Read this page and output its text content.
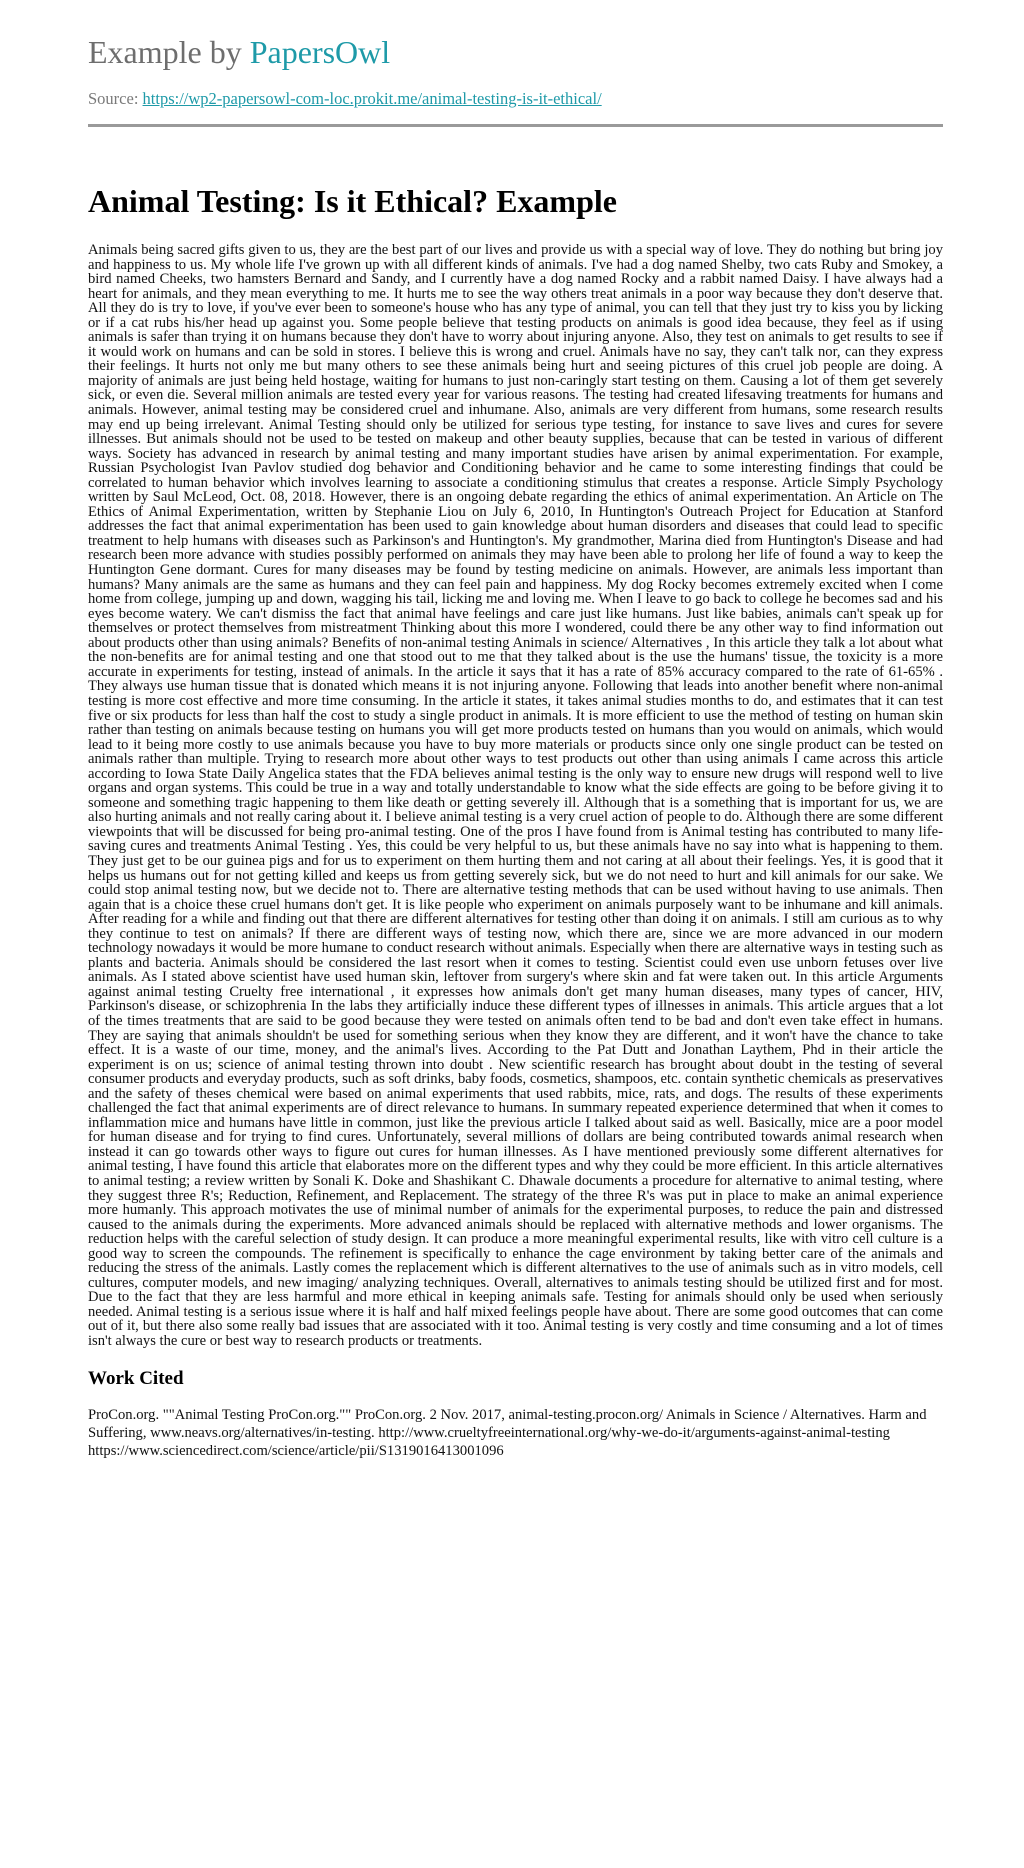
Example by PapersOwl
Source: https://wp2-papersowl-com-loc.prokit.me/animal-testing-is-it-ethical/
Animal Testing: Is it Ethical? Example
Animals being sacred gifts given to us, they are the best part of our lives and provide us with a special way of love. They do nothing but bring joy and happiness to us. My whole life I've grown up with all different kinds of animals. I've had a dog named Shelby, two cats Ruby and Smokey, a bird named Cheeks, two hamsters Bernard and Sandy, and I currently have a dog named Rocky and a rabbit named Daisy. I have always had a heart for animals, and they mean everything to me. It hurts me to see the way others treat animals in a poor way because they don't deserve that. All they do is try to love, if you've ever been to someone's house who has any type of animal, you can tell that they just try to kiss you by licking or if a cat rubs his/her head up against you. Some people believe that testing products on animals is good idea because, they feel as if using animals is safer than trying it on humans because they don't have to worry about injuring anyone. Also, they test on animals to get results to see if it would work on humans and can be sold in stores. I believe this is wrong and cruel. Animals have no say, they can't talk nor, can they express their feelings. It hurts not only me but many others to see these animals being hurt and seeing pictures of this cruel job people are doing. A majority of animals are just being held hostage, waiting for humans to just non-caringly start testing on them. Causing a lot of them get severely sick, or even die. Several million animals are tested every year for various reasons. The testing had created lifesaving treatments for humans and animals. However, animal testing may be considered cruel and inhumane. Also, animals are very different from humans, some research results may end up being irrelevant. Animal Testing should only be utilized for serious type testing, for instance to save lives and cures for severe illnesses. But animals should not be used to be tested on makeup and other beauty supplies, because that can be tested in various of different ways. Society has advanced in research by animal testing and many important studies have arisen by animal experimentation. For example, Russian Psychologist Ivan Pavlov studied dog behavior and Conditioning behavior and he came to some interesting findings that could be correlated to human behavior which involves learning to associate a conditioning stimulus that creates a response. Article Simply Psychology written by Saul McLeod, Oct. 08, 2018. However, there is an ongoing debate regarding the ethics of animal experimentation. An Article on The Ethics of Animal Experimentation, written by Stephanie Liou on July 6, 2010, In Huntington's Outreach Project for Education at Stanford addresses the fact that animal experimentation has been used to gain knowledge about human disorders and diseases that could lead to specific treatment to help humans with diseases such as Parkinson's and Huntington's. My grandmother, Marina died from Huntington's Disease and had research been more advance with studies possibly performed on animals they may have been able to prolong her life of found a way to keep the Huntington Gene dormant. Cures for many diseases may be found by testing medicine on animals. However, are animals less important than humans? Many animals are the same as humans and they can feel pain and happiness. My dog Rocky becomes extremely excited when I come home from college, jumping up and down, wagging his tail, licking me and loving me. When I leave to go back to college he becomes sad and his eyes become watery. We can't dismiss the fact that animal have feelings and care just like humans. Just like babies, animals can't speak up for themselves or protect themselves from mistreatment Thinking about this more I wondered, could there be any other way to find information out about products other than using animals? Benefits of non-animal testing Animals in science/ Alternatives , In this article they talk a lot about what the non-benefits are for animal testing and one that stood out to me that they talked about is the use the humans' tissue, the toxicity is a more accurate in experiments for testing, instead of animals. In the article it says that it has a rate of 85% accuracy compared to the rate of 61-65% . They always use human tissue that is donated which means it is not injuring anyone. Following that leads into another benefit where non-animal testing is more cost effective and more time consuming. In the article it states, it takes animal studies months to do, and estimates that it can test five or six products for less than half the cost to study a single product in animals. It is more efficient to use the method of testing on human skin rather than testing on animals because testing on humans you will get more products tested on humans than you would on animals, which would lead to it being more costly to use animals because you have to buy more materials or products since only one single product can be tested on animals rather than multiple. Trying to research more about other ways to test products out other than using animals I came across this article according to Iowa State Daily Angelica states that the FDA believes animal testing is the only way to ensure new drugs will respond well to live organs and organ systems. This could be true in a way and totally understandable to know what the side effects are going to be before giving it to someone and something tragic happening to them like death or getting severely ill. Although that is a something that is important for us, we are also hurting animals and not really caring about it. I believe animal testing is a very cruel action of people to do. Although there are some different viewpoints that will be discussed for being pro-animal testing. One of the pros I have found from is Animal testing has contributed to many life-saving cures and treatments Animal Testing . Yes, this could be very helpful to us, but these animals have no say into what is happening to them. They just get to be our guinea pigs and for us to experiment on them hurting them and not caring at all about their feelings. Yes, it is good that it helps us humans out for not getting killed and keeps us from getting severely sick, but we do not need to hurt and kill animals for our sake. We could stop animal testing now, but we decide not to. There are alternative testing methods that can be used without having to use animals. Then again that is a choice these cruel humans don't get. It is like people who experiment on animals purposely want to be inhumane and kill animals. After reading for a while and finding out that there are different alternatives for testing other than doing it on animals. I still am curious as to why they continue to test on animals? If there are different ways of testing now, which there are, since we are more advanced in our modern technology nowadays it would be more humane to conduct research without animals. Especially when there are alternative ways in testing such as plants and bacteria. Animals should be considered the last resort when it comes to testing. Scientist could even use unborn fetuses over live animals. As I stated above scientist have used human skin, leftover from surgery's where skin and fat were taken out. In this article Arguments against animal testing Cruelty free international , it expresses how animals don't get many human diseases, many types of cancer, HIV, Parkinson's disease, or schizophrenia In the labs they artificially induce these different types of illnesses in animals. This article argues that a lot of the times treatments that are said to be good because they were tested on animals often tend to be bad and don't even take effect in humans. They are saying that animals shouldn't be used for something serious when they know they are different, and it won't have the chance to take effect. It is a waste of our time, money, and the animal's lives. According to the Pat Dutt and Jonathan Laythem, Phd in their article the experiment is on us; science of animal testing thrown into doubt . New scientific research has brought about doubt in the testing of several consumer products and everyday products, such as soft drinks, baby foods, cosmetics, shampoos, etc. contain synthetic chemicals as preservatives and the safety of theses chemical were based on animal experiments that used rabbits, mice, rats, and dogs. The results of these experiments challenged the fact that animal experiments are of direct relevance to humans. In summary repeated experience determined that when it comes to inflammation mice and humans have little in common, just like the previous article I talked about said as well. Basically, mice are a poor model for human disease and for trying to find cures. Unfortunately, several millions of dollars are being contributed towards animal research when instead it can go towards other ways to figure out cures for human illnesses. As I have mentioned previously some different alternatives for animal testing, I have found this article that elaborates more on the different types and why they could be more efficient. In this article alternatives to animal testing; a review written by Sonali K. Doke and Shashikant C. Dhawale documents a procedure for alternative to animal testing, where they suggest three R's; Reduction, Refinement, and Replacement. The strategy of the three R's was put in place to make an animal experience more humanly. This approach motivates the use of minimal number of animals for the experimental purposes, to reduce the pain and distressed caused to the animals during the experiments. More advanced animals should be replaced with alternative methods and lower organisms. The reduction helps with the careful selection of study design. It can produce a more meaningful experimental results, like with vitro cell culture is a good way to screen the compounds. The refinement is specifically to enhance the cage environment by taking better care of the animals and reducing the stress of the animals. Lastly comes the replacement which is different alternatives to the use of animals such as in vitro models, cell cultures, computer models, and new imaging/ analyzing techniques. Overall, alternatives to animals testing should be utilized first and for most. Due to the fact that they are less harmful and more ethical in keeping animals safe. Testing for animals should only be used when seriously needed. Animal testing is a serious issue where it is half and half mixed feelings people have about. There are some good outcomes that can come out of it, but there also some really bad issues that are associated with it too. Animal testing is very costly and time consuming and a lot of times isn't always the cure or best way to research products or treatments.
Work Cited
ProCon.org. ""Animal Testing ProCon.org."" ProCon.org. 2 Nov. 2017, animal-testing.procon.org/ Animals in Science / Alternatives. Harm and Suffering, www.neavs.org/alternatives/in-testing. http://www.crueltyfreeinternational.org/why-we-do-it/arguments-against-animal-testing https://www.sciencedirect.com/science/article/pii/S1319016413001096
